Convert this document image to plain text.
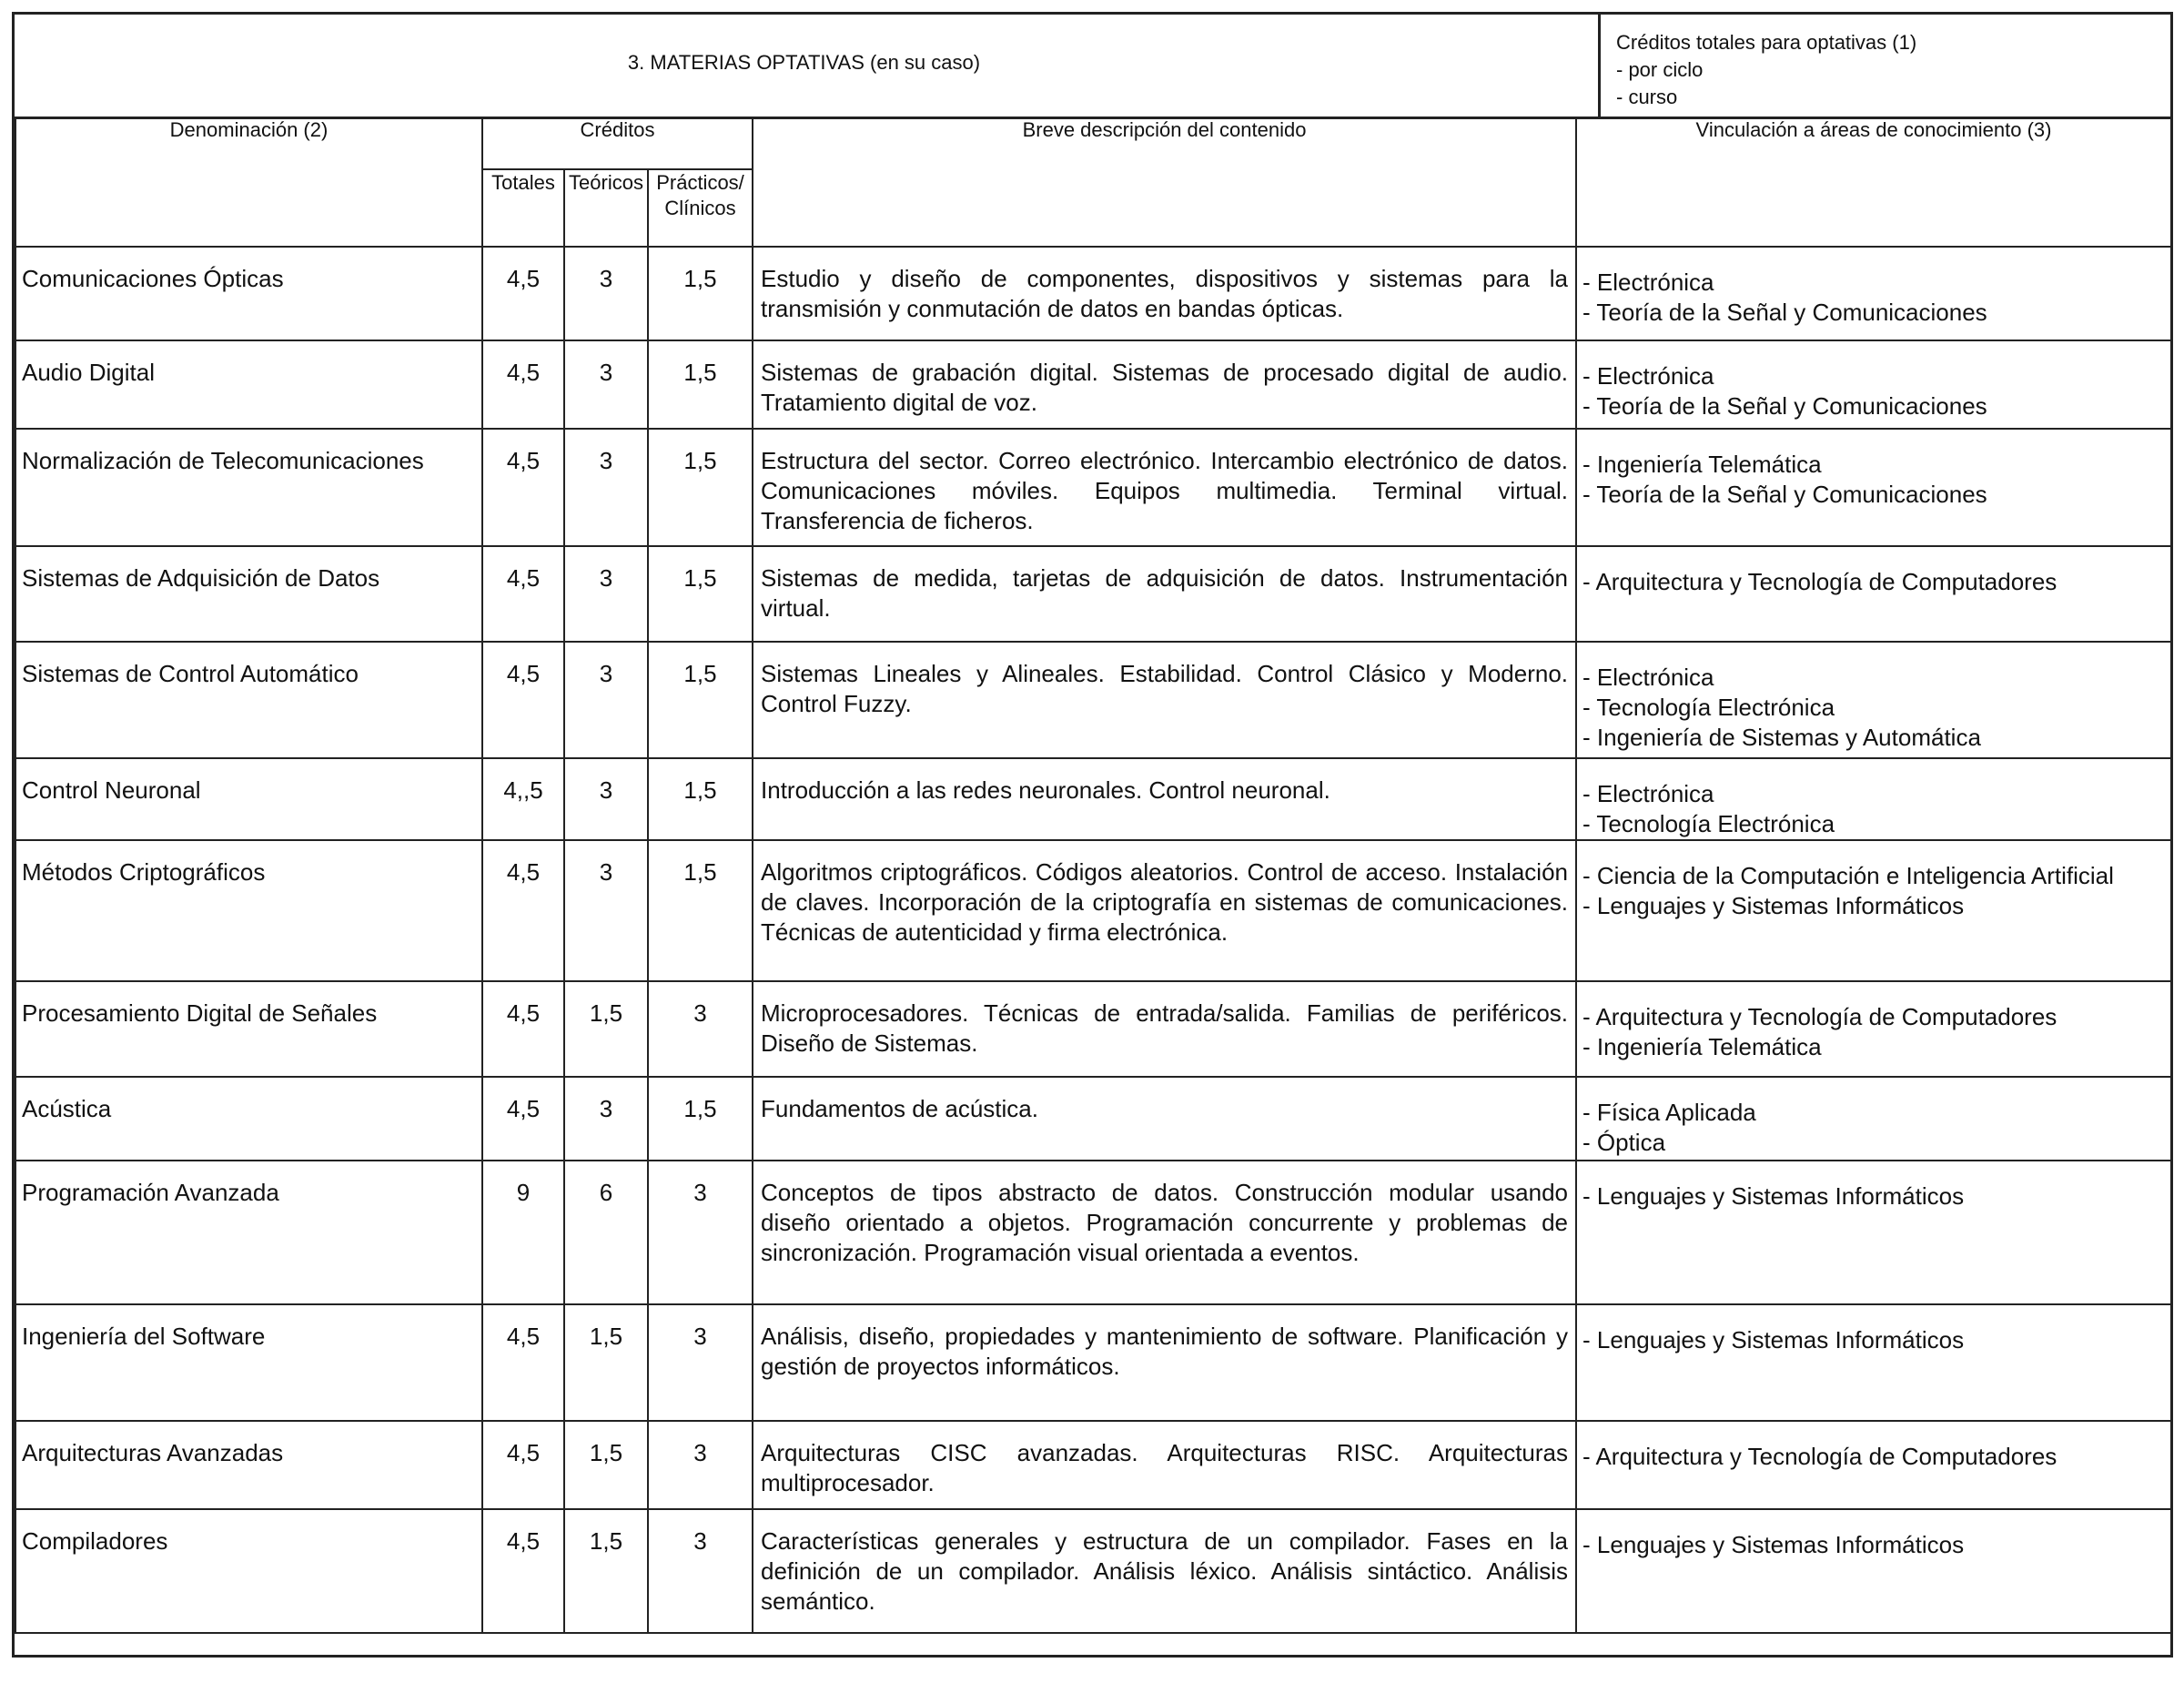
3. MATERIAS OPTATIVAS (en su caso)
Créditos totales para optativas (1)
- por ciclo
- curso
Denominación (2)	Créditos			Breve descripción del contenido	Vinculación a áreas de conocimiento (3)
	Totales	Teóricos	Prácticos/
Clínicos		

Comunicaciones Ópticas	4,5	3	1,5	Estudio y diseño de componentes, dispositivos y sistemas para la transmisión y conmutación de datos en bandas ópticas.	- Electrónica
- Teoría de la Señal y Comunicaciones

Audio Digital	4,5	3	1,5	Sistemas de grabación digital. Sistemas de procesado digital de audio. Tratamiento digital de voz.	- Electrónica
- Teoría de la Señal y Comunicaciones

Normalización de Telecomunicaciones	4,5	3	1,5	Estructura del sector. Correo electrónico. Intercambio electrónico de datos. Comunicaciones móviles. Equipos multimedia. Terminal virtual. Transferencia de ficheros.	- Ingeniería Telemática
- Teoría de la Señal y Comunicaciones

Sistemas de Adquisición de Datos	4,5	3	1,5	Sistemas de medida, tarjetas de adquisición de datos. Instrumentación virtual.	- Arquitectura y Tecnología de Computadores

Sistemas de Control Automático	4,5	3	1,5	Sistemas Lineales y Alineales. Estabilidad. Control Clásico y Moderno. Control Fuzzy.	- Electrónica
- Tecnología Electrónica
- Ingeniería de Sistemas y Automática

Control Neuronal	4,,5	3	1,5	Introducción a las redes neuronales. Control neuronal.	- Electrónica
- Tecnología Electrónica

Métodos Criptográficos	4,5	3	1,5	Algoritmos criptográficos. Códigos aleatorios. Control de acceso. Instalación de claves. Incorporación de la criptografía en sistemas de comunicaciones. Técnicas de autenticidad y firma electrónica.	- Ciencia de la Computación e Inteligencia Artificial
- Lenguajes y Sistemas Informáticos

Procesamiento Digital de Señales	4,5	1,5	3	Microprocesadores. Técnicas de entrada/salida. Familias de periféricos. Diseño de Sistemas.	- Arquitectura y Tecnología de Computadores
- Ingeniería Telemática

Acústica	4,5	3	1,5	Fundamentos de acústica.	- Física Aplicada
- Óptica

Programación Avanzada	9	6	3	Conceptos de tipos abstracto de datos. Construcción modular usando diseño orientado a objetos. Programación concurrente y problemas de sincronización. Programación visual orientada a eventos.	- Lenguajes y Sistemas Informáticos

Ingeniería del Software	4,5	1,5	3	Análisis, diseño, propiedades y mantenimiento de software. Planificación y gestión de proyectos informáticos.	- Lenguajes y Sistemas Informáticos

Arquitecturas Avanzadas	4,5	1,5	3	Arquitecturas CISC avanzadas. Arquitecturas RISC. Arquitecturas multiprocesador.	- Arquitectura y Tecnología de Computadores

Compiladores	4,5	1,5	3	Características generales y estructura de un compilador. Fases en la definición de un compilador. Análisis léxico. Análisis sintáctico. Análisis semántico.	- Lenguajes y Sistemas Informáticos
